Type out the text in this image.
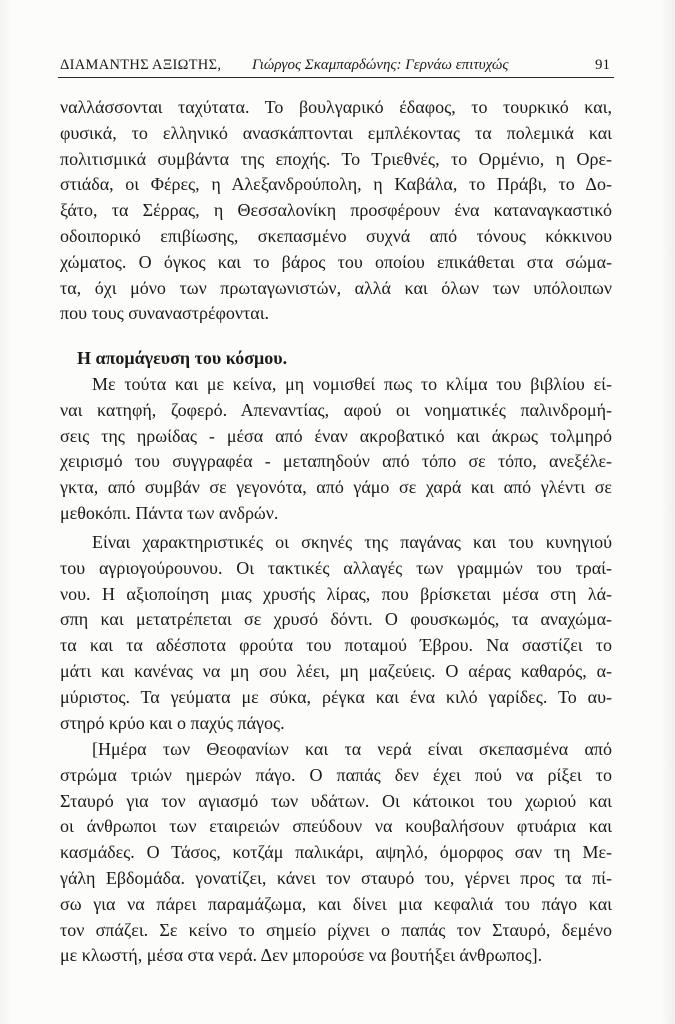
ΔΙΑΜΑΝΤΗΣ ΑΞΙΩΤΗΣ, Γιώργος Σκαμπαρδώνης: Γερνάω επιτυχώς	91
ναλλάσσονται ταχύτατα. Το βουλγαρικό έδαφος, το τουρκικό και,
φυσικά, το ελληνικό ανασκάπτονται εμπλέκοντας τα πολεμικά και
πολιτισμικά συμβάντα της εποχής. Το Τριεθνές, το Ορμένιο, η Ορε-
στιάδα, οι Φέρες, η Αλεξανδρούπολη, η Καβάλα, το Πράβι, το Δο-
ξάτο, τα Σέρρας, η Θεσσαλονίκη προσφέρουν ένα καταναγκαστικό
οδοιπορικό επιβίωσης, σκεπασμένο συχνά από τόνους κόκκινου
χώματος. Ο όγκος και το βάρος του οποίου επικάθεται στα σώμα-
τα, όχι μόνο των πρωταγωνιστών, αλλά και όλων των υπόλοιπων
που τους συναναστρέφονται.
Η απομάγευση του κόσμου.
Με τούτα και με κείνα, μη νομισθεί πως το κλίμα του βιβλίου εί-
ναι κατηφή, ζοφερό. Απεναντίας, αφού οι νοηματικές παλινδρομή-
σεις της ηρωίδας - μέσα από έναν ακροβατικό και άκρως τολμηρό
χειρισμό του συγγραφέα - μεταπηδούν από τόπο σε τόπο, ανεξέλε-
γκτα, από συμβάν σε γεγονότα, από γάμο σε χαρά και από γλέντι σε
μεθοκόπι. Πάντα των ανδρών.
Είναι χαρακτηριστικές οι σκηνές της παγάνας και του κυνηγιού
του αγριογούρουνου. Οι τακτικές αλλαγές των γραμμών του τραί-
νου. Η αξιοποίηση μιας χρυσής λίρας, που βρίσκεται μέσα στη λά-
σπη και μετατρέπεται σε χρυσό δόντι. Ο φουσκωμός, τα αναχώμα-
τα και τα αδέσποτα φρούτα του ποταμού Έβρου. Να σαστίζει το
μάτι και κανένας να μη σου λέει, μη μαζεύεις. Ο αέρας καθαρός, α-
μύριστος. Τα γεύματα με σύκα, ρέγκα και ένα κιλό γαρίδες. Το αυ-
στηρό κρύο και ο παχύς πάγος.
[Ημέρα των Θεοφανίων και τα νερά είναι σκεπασμένα από
στρώμα τριών ημερών πάγο. Ο παπάς δεν έχει πού να ρίξει το
Σταυρό για τον αγιασμό των υδάτων. Οι κάτοικοι του χωριού και
οι άνθρωποι των εταιρειών σπεύδουν να κουβαλήσουν φτυάρια και
κασμάδες. Ο Τάσος, κοτζάμ παλικάρι, αψηλό, όμορφος σαν τη Με-
γάλη Εβδομάδα. γονατίζει, κάνει τον σταυρό του, γέρνει προς τα πί-
σω για να πάρει παραμάζωμα, και δίνει μια κεφαλιά του πάγο και
τον σπάζει. Σε κείνο το σημείο ρίχνει ο παπάς τον Σταυρό, δεμένο
με κλωστή, μέσα στα νερά. Δεν μπορούσε να βουτήξει άνθρωπος].
